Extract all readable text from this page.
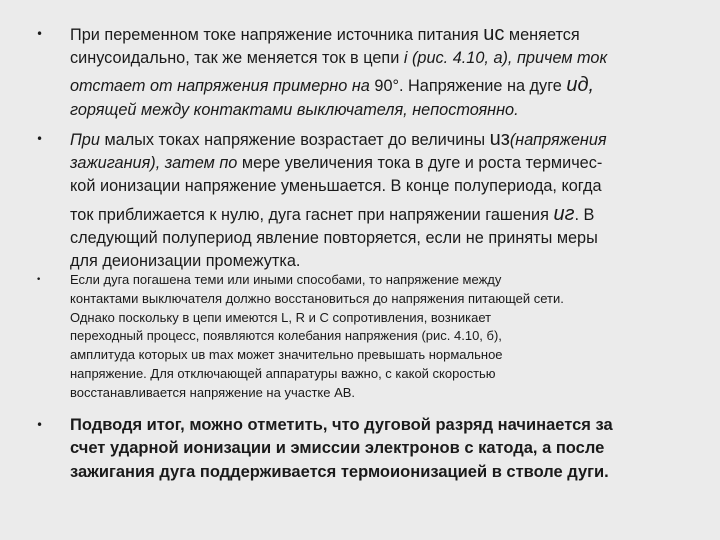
• При переменном токе напряжение источника питания uс меняется
синусоидально, так же меняется ток в цепи i (рис. 4.10, а), причем ток
отстает от напряжения примерно на 90°. Напряжение на дуге uд,
горящей между контактами выключателя, непостоянно.
• При малых токах напряжение возрастает до величины uз(напряжения
зажигания), затем по мере увеличения тока в дуге и роста термичес-
кой ионизации напряжение уменьшается. В конце полупериода, когда
ток приближается к нулю, дуга гаснет при напряжении гашения uг. В
следующий полупериод явление повторяется, если не приняты меры
для деионизации промежутка.
• Если дуга погашена теми или иными способами, то напряжение между
контактами выключателя должно восстановиться до напряжения питающей сети.
Однако поскольку в цепи имеются L, R и С сопротивления, возникает
переходный процесс, появляются колебания напряжения (рис. 4.10, б),
амплитуда которых uв max может значительно превышать нормальное
напряжение. Для отключающей аппаратуры важно, с какой скоростью
восстанавливается напряжение на участке АВ.
• Подводя итог, можно отметить, что дуговой разряд начинается за
счет ударной ионизации и эмиссии электронов с катода, а после
зажигания дуга поддерживается термоионизацией в стволе дуги.
